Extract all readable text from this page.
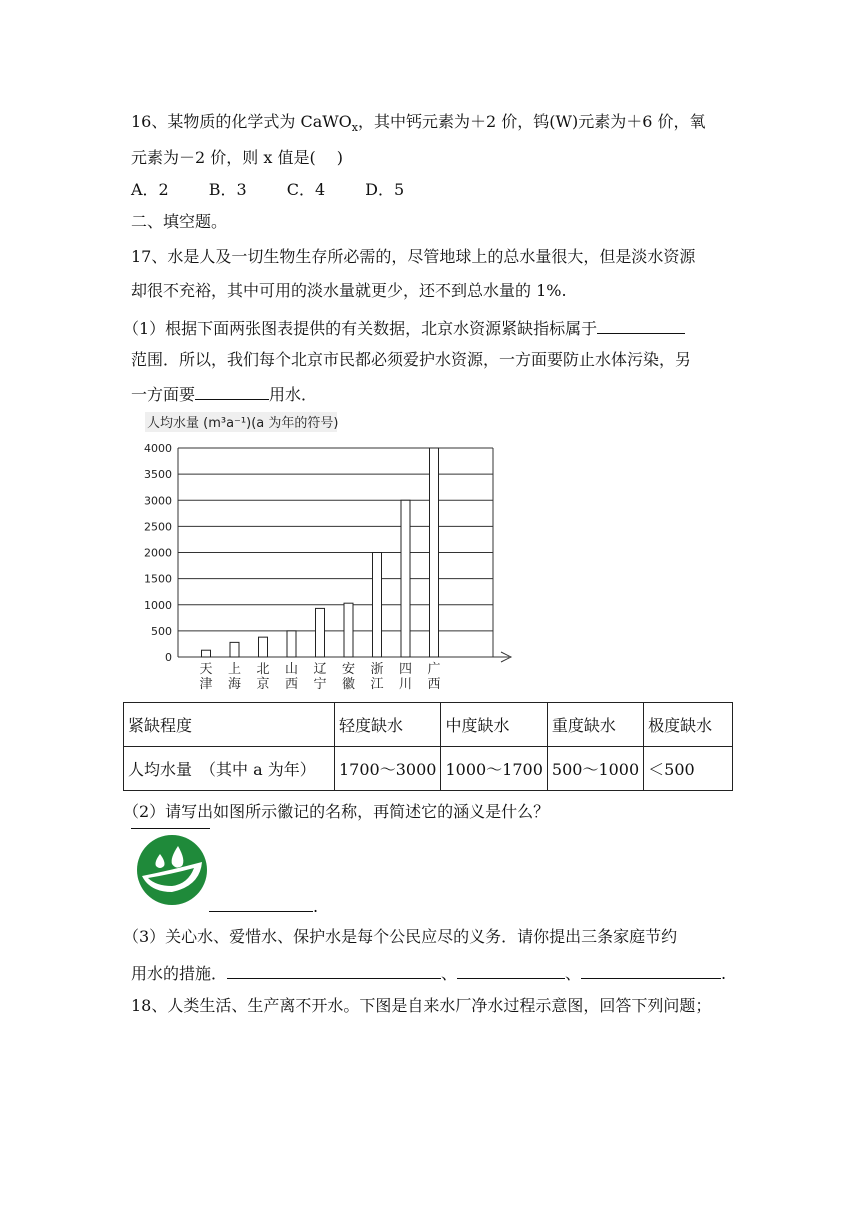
16、某物质的化学式为 CaWO$_x$，其中钙元素为＋2 价，钨(W)元素为＋6 价，氧
元素为－2 价，则 x 值是(　 )
A．2	B．3	C．4	D．5
二、填空题。
17、水是人及一切生物生存所必需的，尽管地球上的总水量很大，但是淡水资源
却很不充裕，其中可用的淡水量就更少，还不到总水量的 1%.
（1）根据下面两张图表提供的有关数据，北京水资源紧缺指标属于
范围．所以，我们每个北京市民都必须爱护水资源，一方面要防止水体污染，另
一方面要	用水．
人均水量 (m³a⁻¹)(a 为年的符号)
0
500
1000
1500
2000
2500
3000
3500
4000
天
津
上
海
北
京
山
西
辽
宁
安
徽
浙
江
四
川
广
西
紧缺程度	轻度缺水	中度缺水	重度缺水	极度缺水
人均水量　（其中 a 为年）	1700～3000	1000～1700	500～1000	＜500
（2）请写出如图所示徽记的名称，再简述它的涵义是什么？
.
（3）关心水、爱惜水、保护水是每个公民应尽的义务．请你提出三条家庭节约
用水的措施．	、	、	.
18、人类生活、生产离不开水。下图是自来水厂净水过程示意图，回答下列问题；
